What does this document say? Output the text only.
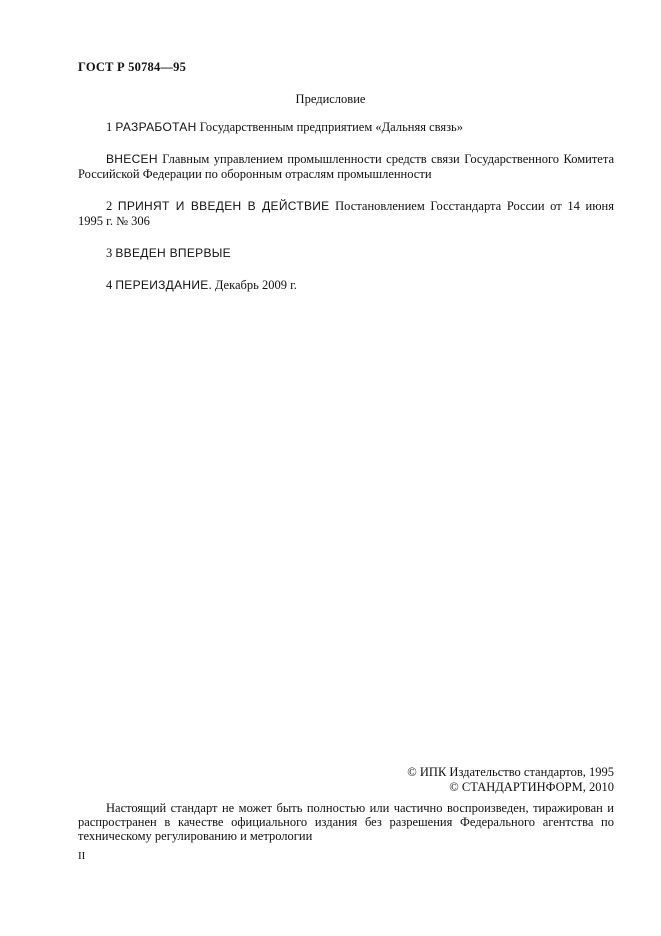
ГОСТ Р 50784—95
Предисловие

1 РАЗРАБОТАН Государственным предприятием «Дальняя связь»

ВНЕСЕН Главным управлением промышленности средств связи Государственного Комитета Российской Федерации по оборонным отраслям промышленности

2 ПРИНЯТ И ВВЕДЕН В ДЕЙСТВИЕ Постановлением Госстандарта России от 14 июня 1995 г. № 306

3 ВВЕДЕН ВПЕРВЫЕ

4 ПЕРЕИЗДАНИЕ. Декабрь 2009 г.

© ИПК Издательство стандартов, 1995
© СТАНДАРТИНФОРМ, 2010

Настоящий стандарт не может быть полностью или частично воспроизведен, тиражирован и распространен в качестве официального издания без разрешения Федерального агентства по техническому регулированию и метрологии

II
